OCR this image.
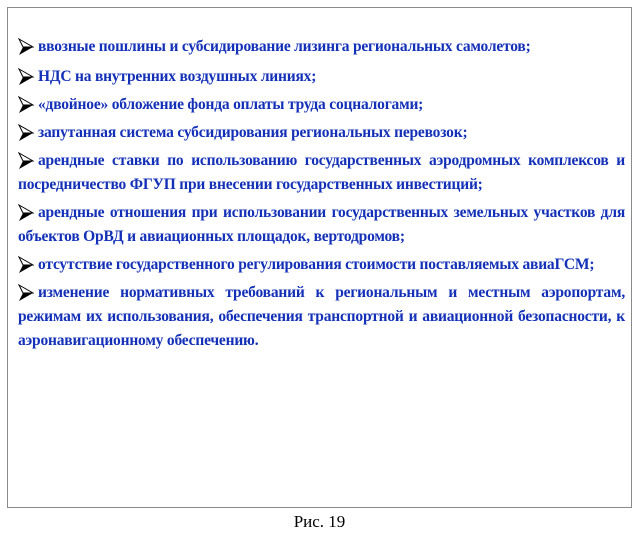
ввозные пошлины и субсидирование лизинга региональных самолетов;
НДС на внутренних воздушных линиях;
«двойное» обложение фонда оплаты труда соцналогами;
запутанная система субсидирования региональных перевозок;
арендные ставки по использованию государственных аэродромных комплексов и посредничество ФГУП при внесении государственных инвестиций;
арендные отношения при использовании государственных земельных участков для объектов ОрВД и авиационных площадок, вертодромов;
отсутствие государственного регулирования стоимости поставляемых авиаГСМ;
изменение нормативных требований к региональным и местным аэропортам, режимам их использования, обеспечения транспортной и авиационной безопасности, к аэронавигационному обеспечению.
Рис. 19
